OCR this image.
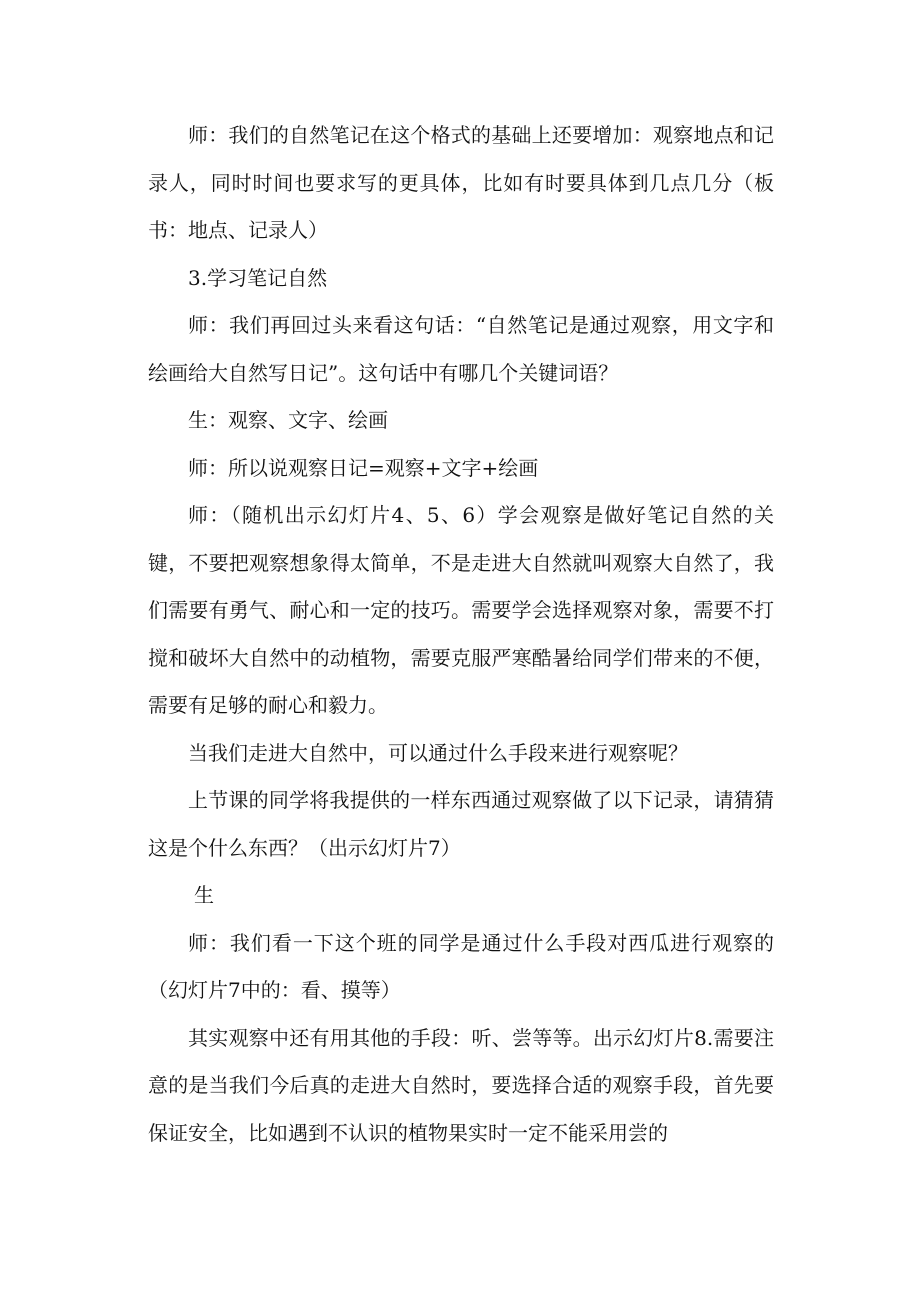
师：我们的自然笔记在这个格式的基础上还要增加：观察地点和记录人，同时时间也要求写的更具体，比如有时要具体到几点几分（板书：地点、记录人）

3.学习笔记自然

师：我们再回过头来看这句话：“自然笔记是通过观察，用文字和绘画给大自然写日记”。这句话中有哪几个关键词语？

生：观察、文字、绘画

师：所以说观察日记=观察+文字+绘画

师：（随机出示幻灯片4、5、6）学会观察是做好笔记自然的关键，不要把观察想象得太简单，不是走进大自然就叫观察大自然了，我们需要有勇气、耐心和一定的技巧。需要学会选择观察对象，需要不打搅和破坏大自然中的动植物，需要克服严寒酷暑给同学们带来的不便，需要有足够的耐心和毅力。

当我们走进大自然中，可以通过什么手段来进行观察呢？

上节课的同学将我提供的一样东西通过观察做了以下记录，请猜猜这是个什么东西？（出示幻灯片7）

生

师：我们看一下这个班的同学是通过什么手段对西瓜进行观察的（幻灯片7中的：看、摸等）

其实观察中还有用其他的手段：听、尝等等。出示幻灯片8.需要注意的是当我们今后真的走进大自然时，要选择合适的观察手段，首先要保证安全，比如遇到不认识的植物果实时一定不能采用尝的
